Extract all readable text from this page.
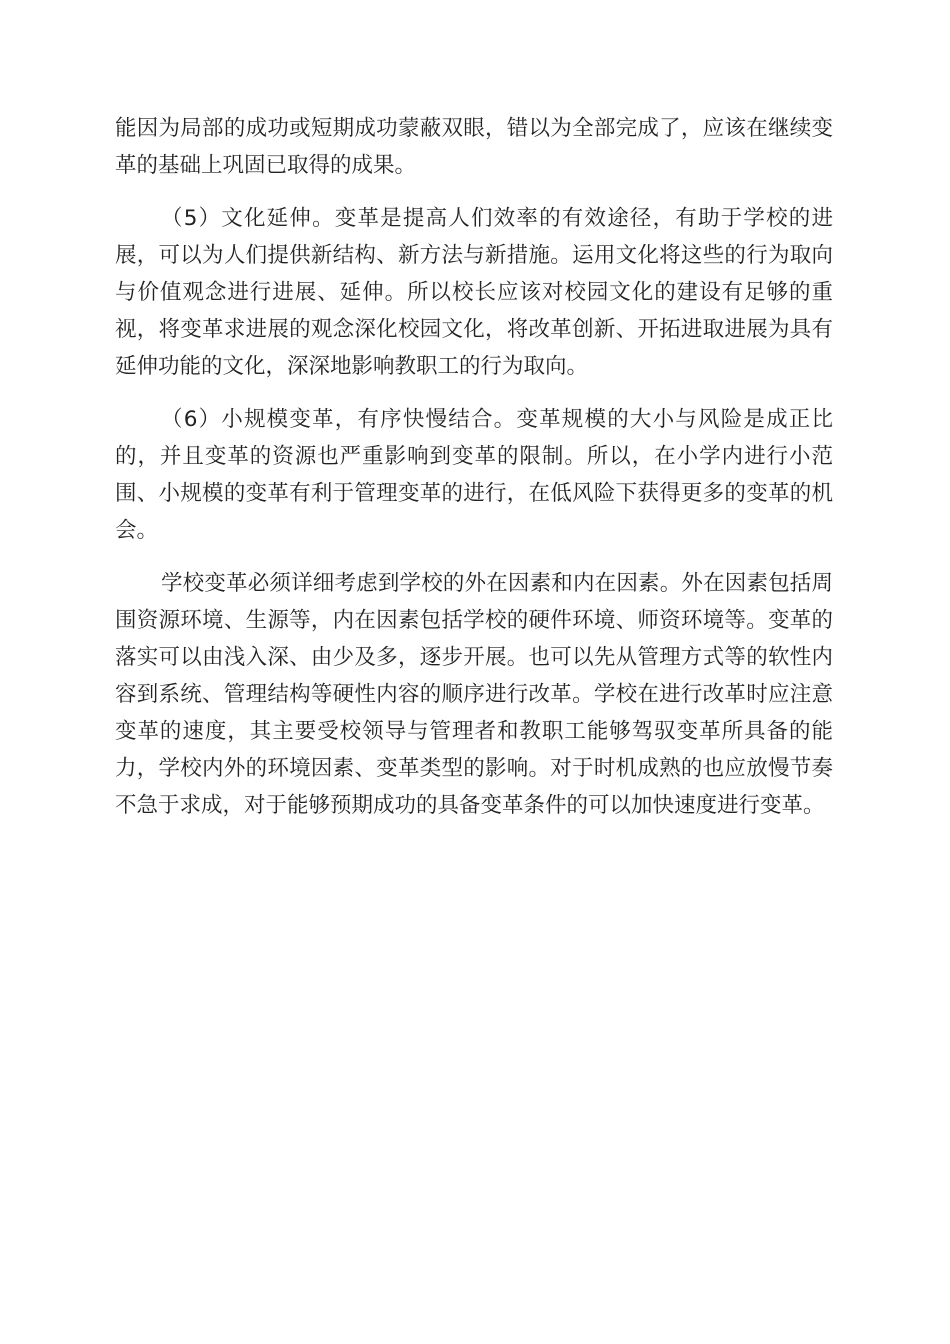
能因为局部的成功或短期成功蒙蔽双眼，错以为全部完成了，应该在继续变革的基础上巩固已取得的成果。

（5）文化延伸。变革是提高人们效率的有效途径，有助于学校的进展，可以为人们提供新结构、新方法与新措施。运用文化将这些的行为取向与价值观念进行进展、延伸。所以校长应该对校园文化的建设有足够的重视，将变革求进展的观念深化校园文化，将改革创新、开拓进取进展为具有延伸功能的文化，深深地影响教职工的行为取向。

（6）小规模变革，有序快慢结合。变革规模的大小与风险是成正比的，并且变革的资源也严重影响到变革的限制。所以，在小学内进行小范围、小规模的变革有利于管理变革的进行，在低风险下获得更多的变革的机会。

学校变革必须详细考虑到学校的外在因素和内在因素。外在因素包括周围资源环境、生源等，内在因素包括学校的硬件环境、师资环境等。变革的落实可以由浅入深、由少及多，逐步开展。也可以先从管理方式等的软性内容到系统、管理结构等硬性内容的顺序进行改革。学校在进行改革时应注意变革的速度，其主要受校领导与管理者和教职工能够驾驭变革所具备的能力，学校内外的环境因素、变革类型的影响。对于时机成熟的也应放慢节奏不急于求成，对于能够预期成功的具备变革条件的可以加快速度进行变革。
